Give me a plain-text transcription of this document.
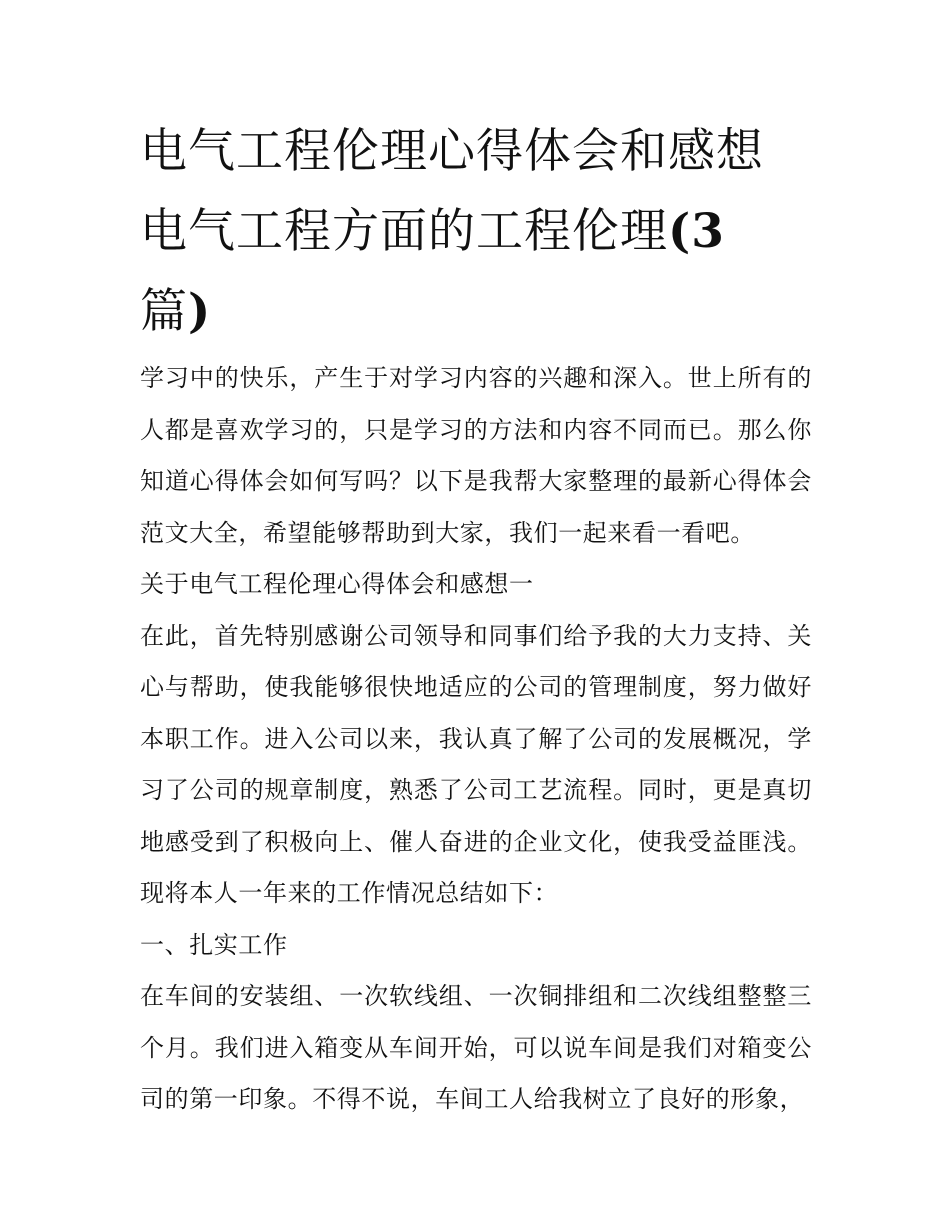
电气工程伦理心得体会和感想
电气工程方面的工程伦理(3
篇)

学习中的快乐，产生于对学习内容的兴趣和深入。世上所有的人都是喜欢学习的，只是学习的方法和内容不同而已。那么你知道心得体会如何写吗？以下是我帮大家整理的最新心得体会范文大全，希望能够帮助到大家，我们一起来看一看吧。

关于电气工程伦理心得体会和感想一

在此，首先特别感谢公司领导和同事们给予我的大力支持、关心与帮助，使我能够很快地适应的公司的管理制度，努力做好本职工作。进入公司以来，我认真了解了公司的发展概况，学习了公司的规章制度，熟悉了公司工艺流程。同时，更是真切地感受到了积极向上、催人奋进的企业文化，使我受益匪浅。现将本人一年来的工作情况总结如下：

一、扎实工作

在车间的安装组、一次软线组、一次铜排组和二次线组整整三个月。我们进入箱变从车间开始，可以说车间是我们对箱变公司的第一印象。不得不说，车间工人给我树立了良好的形象，
